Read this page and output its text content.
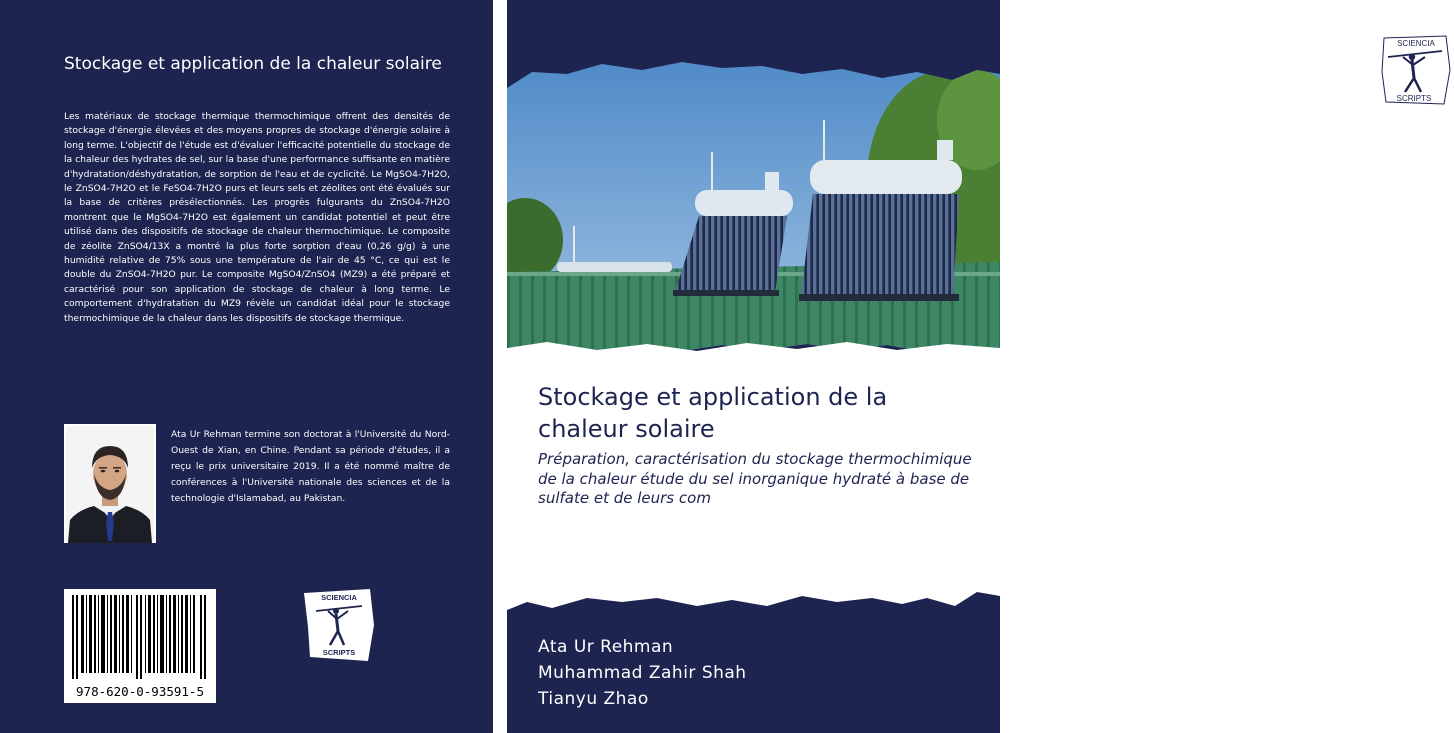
Stockage et application de la chaleur solaire

Les matériaux de stockage thermique thermochimique offrent des densités de stockage d'énergie élevées et des moyens propres de stockage d'énergie solaire à long terme. L'objectif de l'étude est d'évaluer l'efficacité potentielle du stockage de la chaleur des hydrates de sel, sur la base d'une performance suffisante en matière d'hydratation/déshydratation, de sorption de l'eau et de cyclicité. Le MgSO4-7H2O, le ZnSO4-7H2O et le FeSO4-7H2O purs et leurs sels et zéolites ont été évalués sur la base de critères présélectionnés. Les progrès fulgurants du ZnSO4-7H2O montrent que le MgSO4-7H2O est également un candidat potentiel et peut être utilisé dans des dispositifs de stockage de chaleur thermochimique. Le composite de zéolite ZnSO4/13X a montré la plus forte sorption d'eau (0,26 g/g) à une humidité relative de 75% sous une température de l'air de 45 °C, ce qui est le double du ZnSO4-7H2O pur. Le composite MgSO4/ZnSO4 (MZ9) a été préparé et caractérisé pour son application de stockage de chaleur à long terme. Le comportement d'hydratation du MZ9 révèle un candidat idéal pour le stockage thermochimique de la chaleur dans les dispositifs de stockage thermique.

Ata Ur Rehman termine son doctorat à l'Université du Nord-Ouest de Xian, en Chine. Pendant sa période d'études, il a reçu le prix universitaire 2019. Il a été nommé maître de conférences à l'Université nationale des sciences et de la technologie d'Islamabad, au Pakistan.

978-620-0-93591-5
SCIENCIA
SCRIPTS
Stockage et application de la chaleur solaire
Préparation, caractérisation du stockage thermochimique de la chaleur étude du sel inorganique hydraté à base de sulfate et de leurs com
Ata Ur Rehman
Muhammad Zahir Shah
Tianyu Zhao
SCIENCIA
SCRIPTS
